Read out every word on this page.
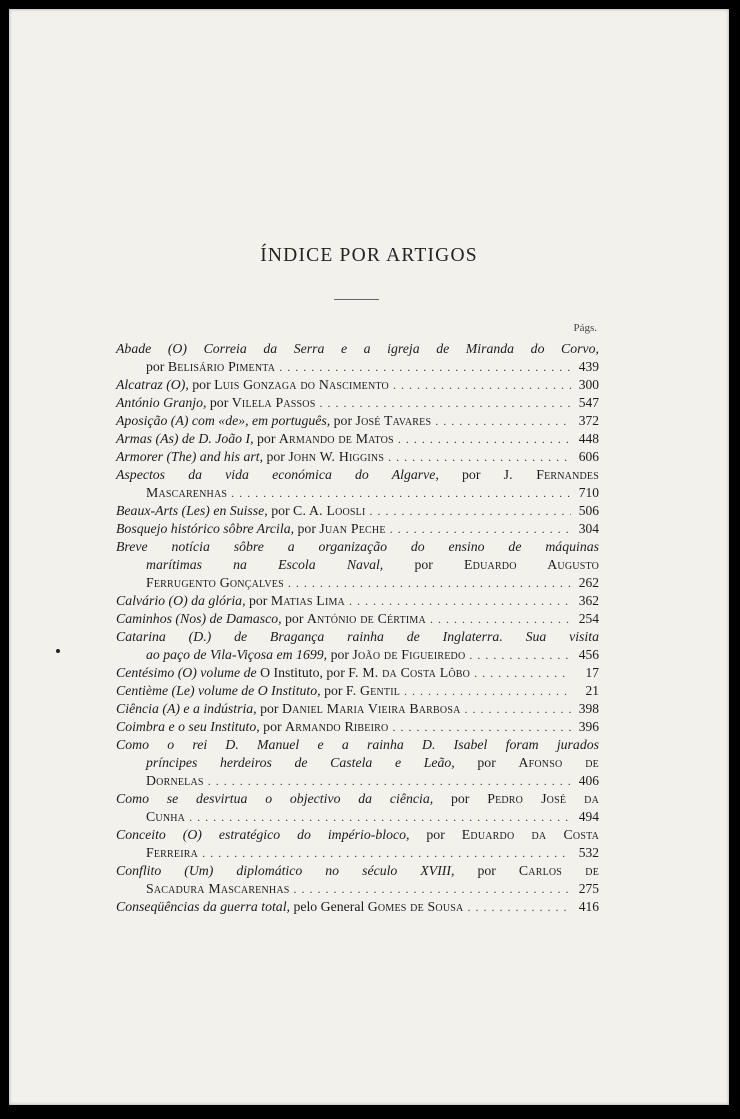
ÍNDICE POR ARTIGOS
Págs.
Abade (O) Correia da Serra e a igreja de Miranda do Corvo,
por Belisário Pimenta . . .	439
Alcatraz (O), por Luis Gonzaga do Nascimento . . .	300
António Granjo, por Vilela Passos . . .	547
Aposição (A) com «de», em português, por José Tavares . . .	372
Armas (As) de D. João I, por Armando de Matos . . .	448
Armorer (The) and his art, por John W. Higgins . . .	606
Aspectos da vida económica do Algarve, por J. Fernandes
Mascarenhas . . .	710
Beaux-Arts (Les) en Suisse, por C. A. Loosli . . .	506
Bosquejo histórico sôbre Arcila, por Juan Peche . . .	304
Breve notícia sôbre a organização do ensino de máquinas
marítimas na Escola Naval, por Eduardo Augusto
Ferrugento Gonçalves . . .	262
Calvário (O) da glória, por Matias Lima . . .	362
Caminhos (Nos) de Damasco, por António de Cértima . . .	254
Catarina (D.) de Bragança rainha de Inglaterra. Sua visita
ao paço de Vila-Viçosa em 1699, por João de Figueiredo . . .	456
Centésimo (O) volume de O Instituto, por F. M. da Costa Lôbo . . .	17
Centième (Le) volume de O Instituto, por F. Gentil . . .	21
Ciência (A) e a indústria, por Daniel Maria Vieira Barbosa . . .	398
Coimbra e o seu Instituto, por Armando Ribeiro . . .	396
Como o rei D. Manuel e a rainha D. Isabel foram jurados
príncipes herdeiros de Castela e Leão, por Afonso de
Dornelas . . .	406
Como se desvirtua o objectivo da ciência, por Pedro José da
Cunha . . .	494
Conceito (O) estratégico do império-bloco, por Eduardo da Costa
Ferreira . . .	532
Conflito (Um) diplomático no século XVIII, por Carlos de
Sacadura Mascarenhas . . .	275
Conseqüências da guerra total, pelo General Gomes de Sousa . . .	416
